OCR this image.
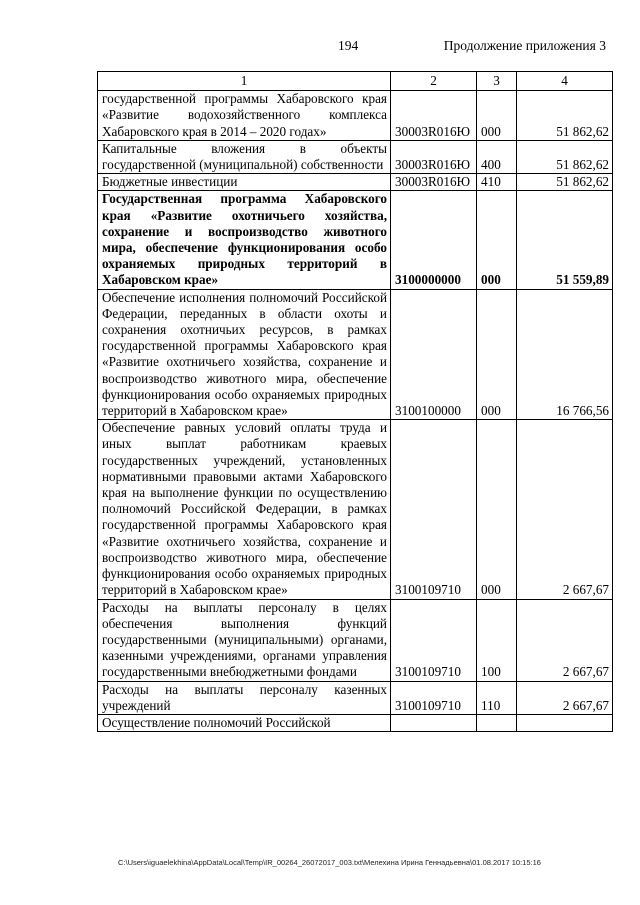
194	Продолжение приложения 3
1	2	3	4
государственной программы Хабаровского края «Развитие водохозяйственного комплекса Хабаровского края в 2014 – 2020 годах»	30003R016Ю	000	51 862,62
Капитальные вложения в объекты государственной (муниципальной) собственности	30003R016Ю	400	51 862,62
Бюджетные инвестиции	30003R016Ю	410	51 862,62
Государственная программа Хабаровского края «Развитие охотничьего хозяйства, сохранение и воспроизводство животного мира, обеспечение функционирования особо охраняемых природных территорий в Хабаровском крае»	3100000000	000	51 559,89
Обеспечение исполнения полномочий Российской Федерации, переданных в области охоты и сохранения охотничьих ресурсов, в рамках государственной программы Хабаровского края «Развитие охотничьего хозяйства, сохранение и воспроизводство животного мира, обеспечение функционирования особо охраняемых природных территорий в Хабаровском крае»	3100100000	000	16 766,56
Обеспечение равных условий оплаты труда и иных выплат работникам краевых государственных учреждений, установленных нормативными правовыми актами Хабаровского края на выполнение функции по осуществлению полномочий Российской Федерации, в рамках государственной программы Хабаровского края «Развитие охотничьего хозяйства, сохранение и воспроизводство животного мира, обеспечение функционирования особо охраняемых природных территорий в Хабаровском крае»	3100109710	000	2 667,67
Расходы на выплаты персоналу в целях обеспечения выполнения функций государственными (муниципальными) органами, казенными учреждениями, органами управления государственными внебюджетными фондами	3100109710	100	2 667,67
Расходы на выплаты персоналу казенных учреждений	3100109710	110	2 667,67
Осуществление полномочий Российской			
C:\Users\iguaelekhina\AppData\Local\Temp\IR_00264_26072017_003.txt\Мелехина Ирина Геннадьевна\01.08.2017 10:15:16
